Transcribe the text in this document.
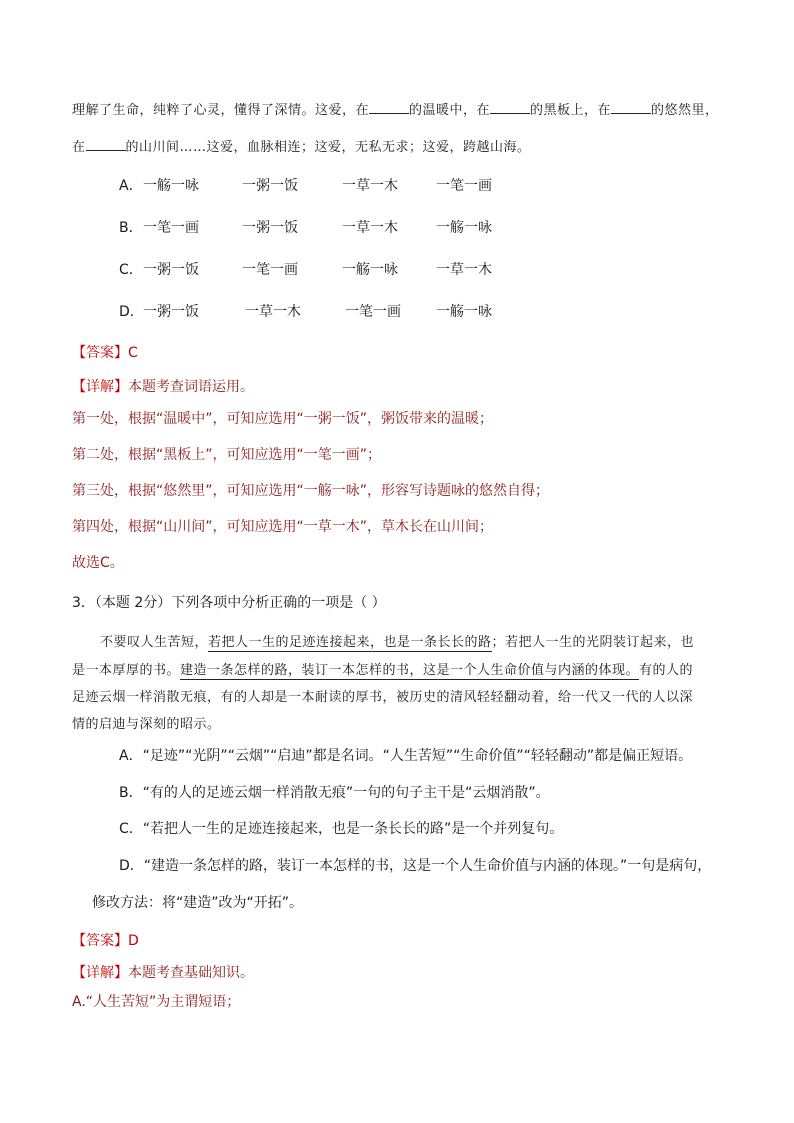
理解了生命，纯粹了心灵，懂得了深情。这爱，在	的温暖中，在	的黑板上，在	的悠然里，
在	的山川间……这爱，血脉相连；这爱，无私无求；这爱，跨越山海。
A．一觞一咏	一粥一饭	一草一木	一笔一画
B．一笔一画	一粥一饭	一草一木	一觞一咏
C．一粥一饭	一笔一画	一觞一咏	一草一木
D．一粥一饭	一草一木	一笔一画	一觞一咏
【答案】C
【详解】本题考查词语运用。
第一处，根据“温暖中”，可知应选用“一粥一饭”，粥饭带来的温暖；
第二处，根据“黑板上”，可知应选用“一笔一画”；
第三处，根据“悠然里”，可知应选用“一觞一咏”，形容写诗题咏的悠然自得；
第四处，根据“山川间”，可知应选用“一草一木”，草木长在山川间；
故选C。
3．（本题 2分）下列各项中分析正确的一项是（ ）
不要叹人生苦短，若把人一生的足迹连接起来，也是一条长长的路；若把人一生的光阴装订起来，也
是一本厚厚的书。建造一条怎样的路，装订一本怎样的书，这是一个人生命价值与内涵的体现。有的人的
足迹云烟一样消散无痕，有的人却是一本耐读的厚书，被历史的清风轻轻翻动着，给一代又一代的人以深
情的启迪与深刻的昭示。
A．“足迹”“光阴”“云烟”“启迪”都是名词。“人生苦短”“生命价值”“轻轻翻动”都是偏正短语。
B．“有的人的足迹云烟一样消散无痕”一句的句子主干是“云烟消散”。
C．“若把人一生的足迹连接起来，也是一条长长的路”是一个并列复句。
D．“建造一条怎样的路，装订一本怎样的书，这是一个人生命价值与内涵的体现。”一句是病句，
修改方法：将“建造”改为“开拓”。
【答案】D
【详解】本题考查基础知识。
A.“人生苦短”为主谓短语；
